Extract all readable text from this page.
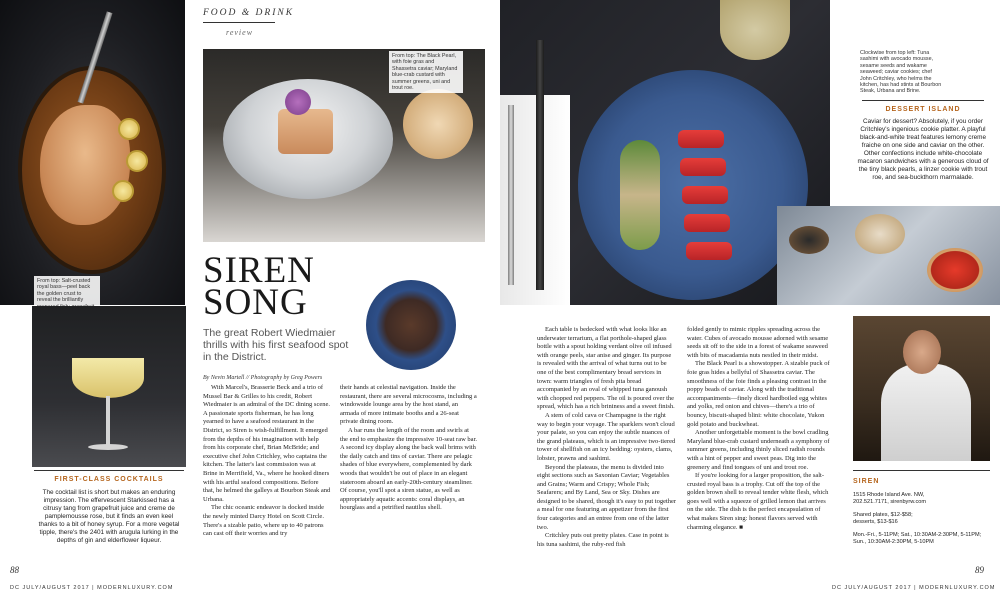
From top: Salt-crusted royal bass—peel back the golden crust to reveal the brilliantly
From top: The Black Pearl, with foie gras and Shassetra caviar; Maryland blue-crab custard with summer greens, uni and trout roe.
FOOD & DRINK
review
SIREN
SONG
The great Robert Wiedmaier thrills with his first seafood spot in the District.
By Nevin Martell // Photography by Greg Powers

With Marcel's, Brasserie Beck and a trio of Mussel Bar & Grilles to his credit, Robert Wiedmaier is an admiral of the DC dining scene. A passionate sports fisherman, he has long yearned to have a seafood restaurant in the District, so Siren is wish-fulfillment. It emerged from the depths of his imagination with help from his corporate chef, Brian McBride; and executive chef John Critchley, who captains the kitchen. The latter's last commission was at Brine in Merrifield, Va., where he hooked diners with his artful seafood compositions. Before that, he helmed the galleys at Bourbon Steak and Urbana.

The chic oceanic endeavor is docked inside the newly minted Darcy Hotel on Scott Circle. There's a sizable patio, where up to 40 patrons can cast off their worries and try

their hands at celestial navigation. Inside the restaurant, there are several microcosms, including a windowside lounge area by the host stand, an armada of more intimate booths and a 26-seat private dining room.

A bar runs the length of the room and swirls at the end to emphasize the impressive 10-seat raw bar. A second icy display along the back wall brims with the daily catch and tins of caviar. There are pelagic shades of blue everywhere, complemented by dark woods that wouldn't be out of place in an elegant stateroom aboard an early-20th-century steamliner. Of course, you'll spot a siren statue, as well as appropriately aquatic accents: coral displays, an hourglass and a petrified nautilus shell.

FIRST-CLASS COCKTAILS
The cocktail list is short but makes an enduring impression. The effervescent Starkissed has a citrusy tang from grapefruit juice and creme de pamplemousse rose, but it finds an even keel thanks to a bit of honey syrup. For a more vegetal tipple, there's the 2401 with arugula lurking in the depths of gin and elderflower liqueur.
88
DC JULY/AUGUST 2017 | MODERNLUXURY.COM
Clockwise from top left: Tuna sashimi with avocado mousse, sesame seeds and wakame seaweed; caviar cookies; chef John Critchley, who helms the kitchen, has had stints at Bourbon Steak, Urbana and Brine.
DESSERT ISLAND
Caviar for dessert? Absolutely, if you order Critchley's ingenious cookie platter. A playful black-and-white treat features lemony creme fraiche on one side and caviar on the other. Other confections include white-chocolate macaron sandwiches with a generous cloud of the tiny black pearls, a linzer cookie with trout roe, and sea-buckthorn marmalade.

Each table is bedecked with what looks like an underwater terrarium, a flat porthole-shaped glass bottle with a spout holding verdant olive oil infused with orange peels, star anise and ginger. Its purpose is revealed with the arrival of what turns out to be one of the best complimentary bread services in town: warm triangles of fresh pita bread accompanied by an oval of whipped tuna ganoush with chopped red peppers. The oil is poured over the spread, which has a rich brininess and a sweet finish.

A stem of cold cava or Champagne is the right way to begin your voyage. The sparklers won't cloud your palate, so you can enjoy the subtle nuances of the grand plateaus, which is an impressive two-tiered tower of shellfish on an icy bedding: oysters, clams, lobster, prawns and sashimi.

Beyond the plateaus, the menu is divided into eight sections such as Saxonian Caviar; Vegetables and Grains; Warm and Crispy; Whole Fish; Seafarers; and By Land, Sea or Sky. Dishes are designed to be shared, though it's easy to put together a meal for one featuring an appetizer from the first four categories and an entree from one of the latter two.

Critchley puts out pretty plates. Case in point is his tuna sashimi, the ruby-red fish

folded gently to mimic ripples spreading across the water. Cubes of avocado mousse adorned with sesame seeds sit off to the side in a forest of wakame seaweed with bits of macadamia nuts nestled in their midst.

The Black Pearl is a showstopper. A sizable puck of foie gras hides a bellyful of Shassetra caviar. The smoothness of the foie finds a pleasing contrast in the poppy beads of caviar. Along with the traditional accompaniments—finely diced hardboiled egg whites and yolks, red onion and chives—there's a trio of bouncy, biscuit-shaped blini: white chocolate, Yukon gold potato and buckwheat.

Another unforgettable moment is the bowl cradling Maryland blue-crab custard underneath a symphony of summer greens, including thinly sliced radish rounds with a hint of pepper and sweet peas. Dig into the greenery and find tongues of uni and trout roe.

If you're looking for a larger proposition, the salt-crusted royal bass is a trophy. Cut off the top of the golden brown shell to reveal tender white flesh, which goes well with a squeeze of grilled lemon that arrives on the side. The dish is the perfect encapsulation of what makes Siren sing: honest flavors served with charming elegance. ■

SIREN
1515 Rhode Island Ave. NW,
202.521.7171, sirenbyrw.com
Shared plates, $12-$58;
desserts, $13-$16
Mon.-Fri., 5-11PM; Sat., 10:30AM-2:30PM, 5-11PM; Sun., 10:30AM-2:30PM, 5-10PM
89
DC JULY/AUGUST 2017 | MODERNLUXURY.COM
